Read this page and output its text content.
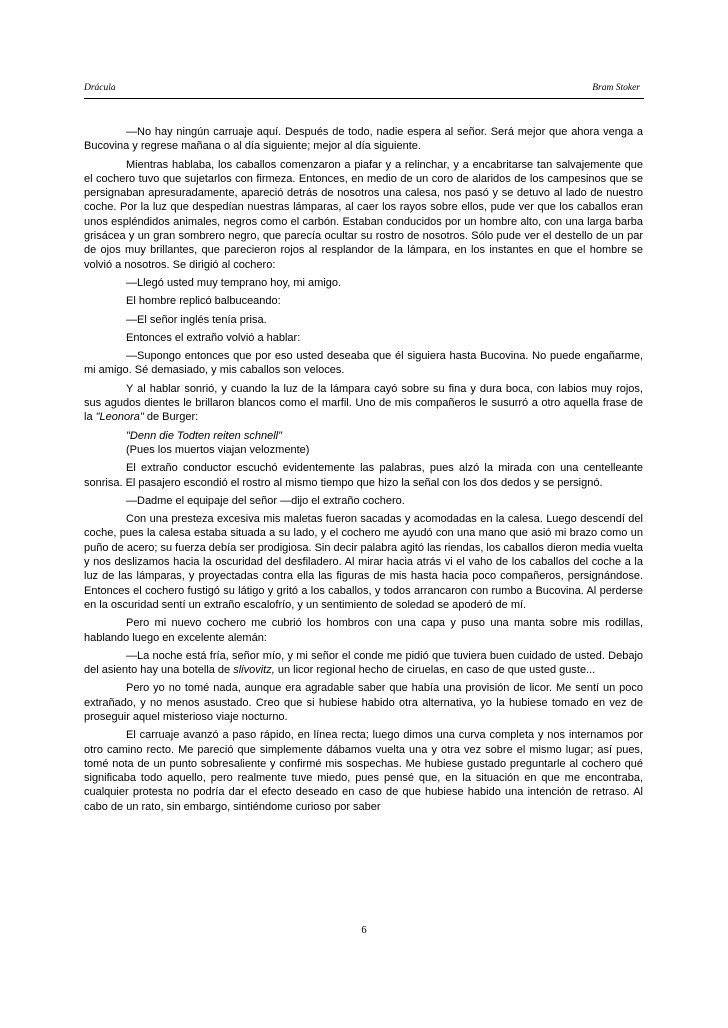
Drácula	Bram Stoker

—No hay ningún carruaje aquí. Después de todo, nadie espera al señor. Será mejor que ahora venga a Bucovina y regrese mañana o al día siguiente; mejor al día siguiente.

Mientras hablaba, los caballos comenzaron a piafar y a relinchar, y a encabritarse tan salvajemente que el cochero tuvo que sujetarlos con firmeza. Entonces, en medio de un coro de alaridos de los campesinos que se persignaban apresuradamente, apareció detrás de nosotros una calesa, nos pasó y se detuvo al lado de nuestro coche. Por la luz que despedían nuestras lámparas, al caer los rayos sobre ellos, pude ver que los caballos eran unos espléndidos animales, negros como el carbón. Estaban conducidos por un hombre alto, con una larga barba grisácea y un gran sombrero negro, que parecía ocultar su rostro de nosotros. Sólo pude ver el destello de un par de ojos muy brillantes, que parecieron rojos al resplandor de la lámpara, en los instantes en que el hombre se volvió a nosotros. Se dirigió al cochero:

—Llegó usted muy temprano hoy, mi amigo.

El hombre replicó balbuceando:

—El señor inglés tenía prisa.

Entonces el extraño volvió a hablar:

—Supongo entonces que por eso usted deseaba que él siguiera hasta Bucovina. No puede engañarme, mi amigo. Sé demasiado, y mis caballos son veloces.

Y al hablar sonrió, y cuando la luz de la lámpara cayó sobre su fina y dura boca, con labios muy rojos, sus agudos dientes le brillaron blancos como el marfil. Uno de mis compañeros le susurró a otro aquella frase de la "Leonora" de Burger:

"Denn die Todten reiten schnell"
(Pues los muertos viajan velozmente)

El extraño conductor escuchó evidentemente las palabras, pues alzó la mirada con una centelleante sonrisa. El pasajero escondió el rostro al mismo tiempo que hizo la señal con los dos dedos y se persignó.

—Dadme el equipaje del señor —dijo el extraño cochero.

Con una presteza excesiva mis maletas fueron sacadas y acomodadas en la calesa. Luego descendí del coche, pues la calesa estaba situada a su lado, y el cochero me ayudó con una mano que asió mi brazo como un puño de acero; su fuerza debía ser prodigiosa. Sin decir palabra agitó las riendas, los caballos dieron media vuelta y nos deslizamos hacia la oscuridad del desfiladero. Al mirar hacia atrás vi el vaho de los caballos del coche a la luz de las lámparas, y proyectadas contra ella las figuras de mis hasta hacia poco compañeros, persignándose. Entonces el cochero fustigó su látigo y gritó a los caballos, y todos arrancaron con rumbo a Bucovina. Al perderse en la oscuridad sentí un extraño escalofrío, y un sentimiento de soledad se apoderó de mí.

Pero mi nuevo cochero me cubrió los hombros con una capa y puso una manta sobre mis rodillas, hablando luego en excelente alemán:

—La noche está fría, señor mío, y mi señor el conde me pidió que tuviera buen cuidado de usted. Debajo del asiento hay una botella de slivovitz, un licor regional hecho de ciruelas, en caso de que usted guste...

Pero yo no tomé nada, aunque era agradable saber que había una provisión de licor. Me sentí un poco extrañado, y no menos asustado. Creo que si hubiese habido otra alternativa, yo la hubiese tomado en vez de proseguir aquel misterioso viaje nocturno.

El carruaje avanzó a paso rápido, en línea recta; luego dimos una curva completa y nos internamos por otro camino recto. Me pareció que simplemente dábamos vuelta una y otra vez sobre el mismo lugar; así pues, tomé nota de un punto sobresaliente y confirmé mis sospechas. Me hubiese gustado preguntarle al cochero qué significaba todo aquello, pero realmente tuve miedo, pues pensé que, en la situación en que me encontraba, cualquier protesta no podría dar el efecto deseado en caso de que hubiese habido una intención de retraso. Al cabo de un rato, sin embargo, sintiéndome curioso por saber

6
